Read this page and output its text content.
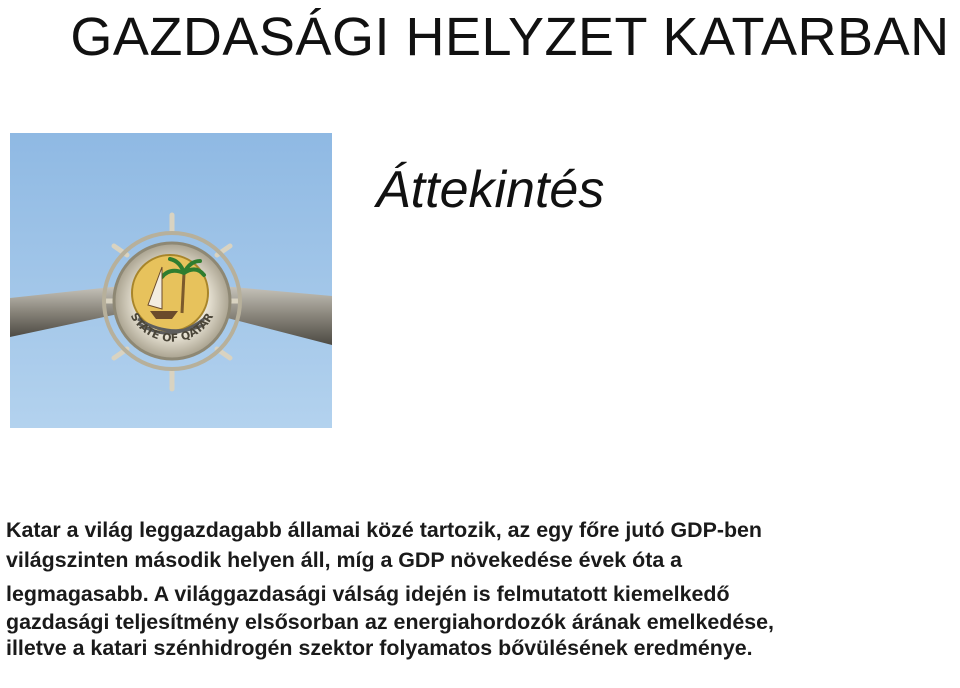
GAZDASÁGI HELYZET KATARBAN
STATE OF QATAR
Áttekintés
Katar a világ leggazdagabb államai közé tartozik, az egy főre jutó GDP-ben
világszinten második helyen áll, míg a GDP növekedése évek óta a
legmagasabb. A világgazdasági válság idején is felmutatott kiemelkedő
gazdasági teljesítmény elsősorban az energiahordozók árának emelkedése,
illetve a katari szénhidrogén szektor folyamatos bővülésének eredménye.
